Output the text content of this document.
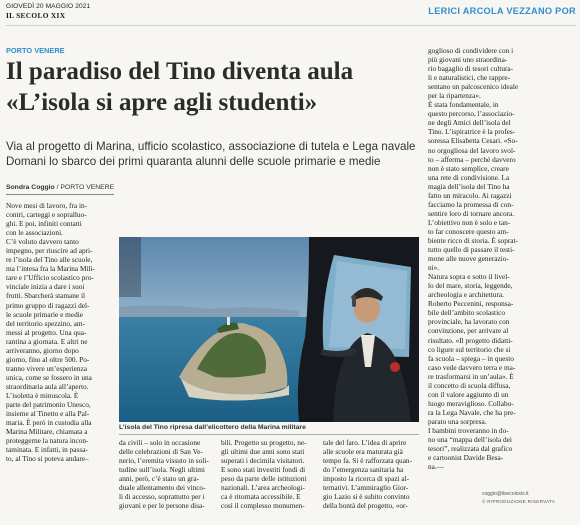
GIOVEDÌ 20 MAGGIO 2021
IL SECOLO XIX	LERICI ARCOLA VEZZANO POR
PORTO VENERE
Il paradiso del Tino diventa aula
«L’isola si apre agli studenti»
Via al progetto di Marina, ufficio scolastico, associazione di tutela e Lega navale
Domani lo sbarco dei primi quaranta alunni delle scuole primarie e medie
Sondra Coggio / PORTO VENERE
Nove mesi di lavoro, fra in-
contri, carteggi e sopralluo-
ghi. E poi, infiniti contatti
con le associazioni.
C’è voluto davvero tanto
impegno, per riuscire ad apri-
re l’isola del Tino alle scuole,
ma l’intesa fra la Marina Mili-
tare e l’Ufficio scolastico pro-
vinciale inizia a dare i suoi
frutti. Sbarcherà stamane il
primo gruppo di ragazzi del-
le scuole primarie e medie
del territorio spezzino, am-
messi al progetto. Una qua-
rantina a giornata. E altri ne
arriveranno, giorno dopo
giorno, fino al oltre 500. Po-
tranno vivere un’esperienza
unica, come se fossero in una
straordinaria aula all’aperto.
L’isoletta è minuscola. È
parte del patrimonio Unesco,
insieme al Tinetto e alla Pal-
maria. È però in custodia alla
Marina Militare, chiamata a
proteggerne la natura incon-
taminata. E infatti, in passa-
to, al Tino si poteva andare–
L’isola del Tino ripresa dall’elicottero della Marina militare
da civili – solo in occasione
delle celebrazioni di San Ve-
nerio, l’eremita vissuto in soli-
tudine sull’isola. Negli ultimi
anni, però, c’è stato un gra-
duale allentamento dei vinco-
li di accesso, soprattutto per i
giovani e per le persone disa-
bili. Progetto su progetto, ne-
gli ultimi due anni sono stati
superati i decimila visitatori.
E sono stati investiti fondi di
peso da parte delle istituzioni
nazionali. L’area archeologi-
ca è ritornata accessibile. E
così il complesso monumen-
tale del faro. L’idea di aprire
alle scuole era maturata già
tempo fa. Si è rafforzata quan-
do l’emergenza sanitaria ha
imposto la ricerca di spazi al-
ternativi. L’ammiraglio Gior-
gio Lazio si è subito convinto
della bontà del progetto, «or-
goglioso di condividere con i
più giovani uno straordina-
rio bagaglio di tesori cultura-
li e naturalistici, che rappre-
sentano un palcoscenico ideale
per la ripartenza».
È stata fondamentale, in
questo percorso, l’associazio-
ne degli Amici dell’isola del
Tino. L’ispiratrice è la profes-
soressa Elisabetta Cesari. «So-
no orgogliosa del lavoro svol-
to – afferma – perché davvero
non è stato semplice, creare
una rete di condivisione. La
magia dell’isola del Tino ha
fatto un miracolo. Ai ragazzi
facciamo la promessa di con-
sentire loro di tornare ancora.
L’obiettivo non è solo e tan-
to far conoscere questo am-
biente ricco di storia. È soprat-
tutto quello di passare il testi-
mone alle nuove generazio-
ni».
Natura sopra e sotto il livel-
lo del mare, storia, leggende,
archeologia e architettura.
Roberto Peccenini, responsa-
bile dell’ambito scolastico
provinciale, ha lavorato con
convinzione, per arrivare al
risultato. «Il progetto didatti-
co ligure sul territorio che si
fa scuola – spiega – in questo
caso vede davvero terra e ma-
re trasformarsi in un’aula». È
il concetto di scuola diffusa,
con il valore aggiunto di un
luogo meraviglioso. Collabo-
ra la Lega Navale, che ha pre-
parato una sorpresa.
I bambini troveranno in do-
no una “mappa dell’isola dei
tesori”, realizzata dal grafico
e cartoonist Davide Besa-
na.—
coggio@ilsecoloxix.it
© RIPRODUZIONE RISERVATA
